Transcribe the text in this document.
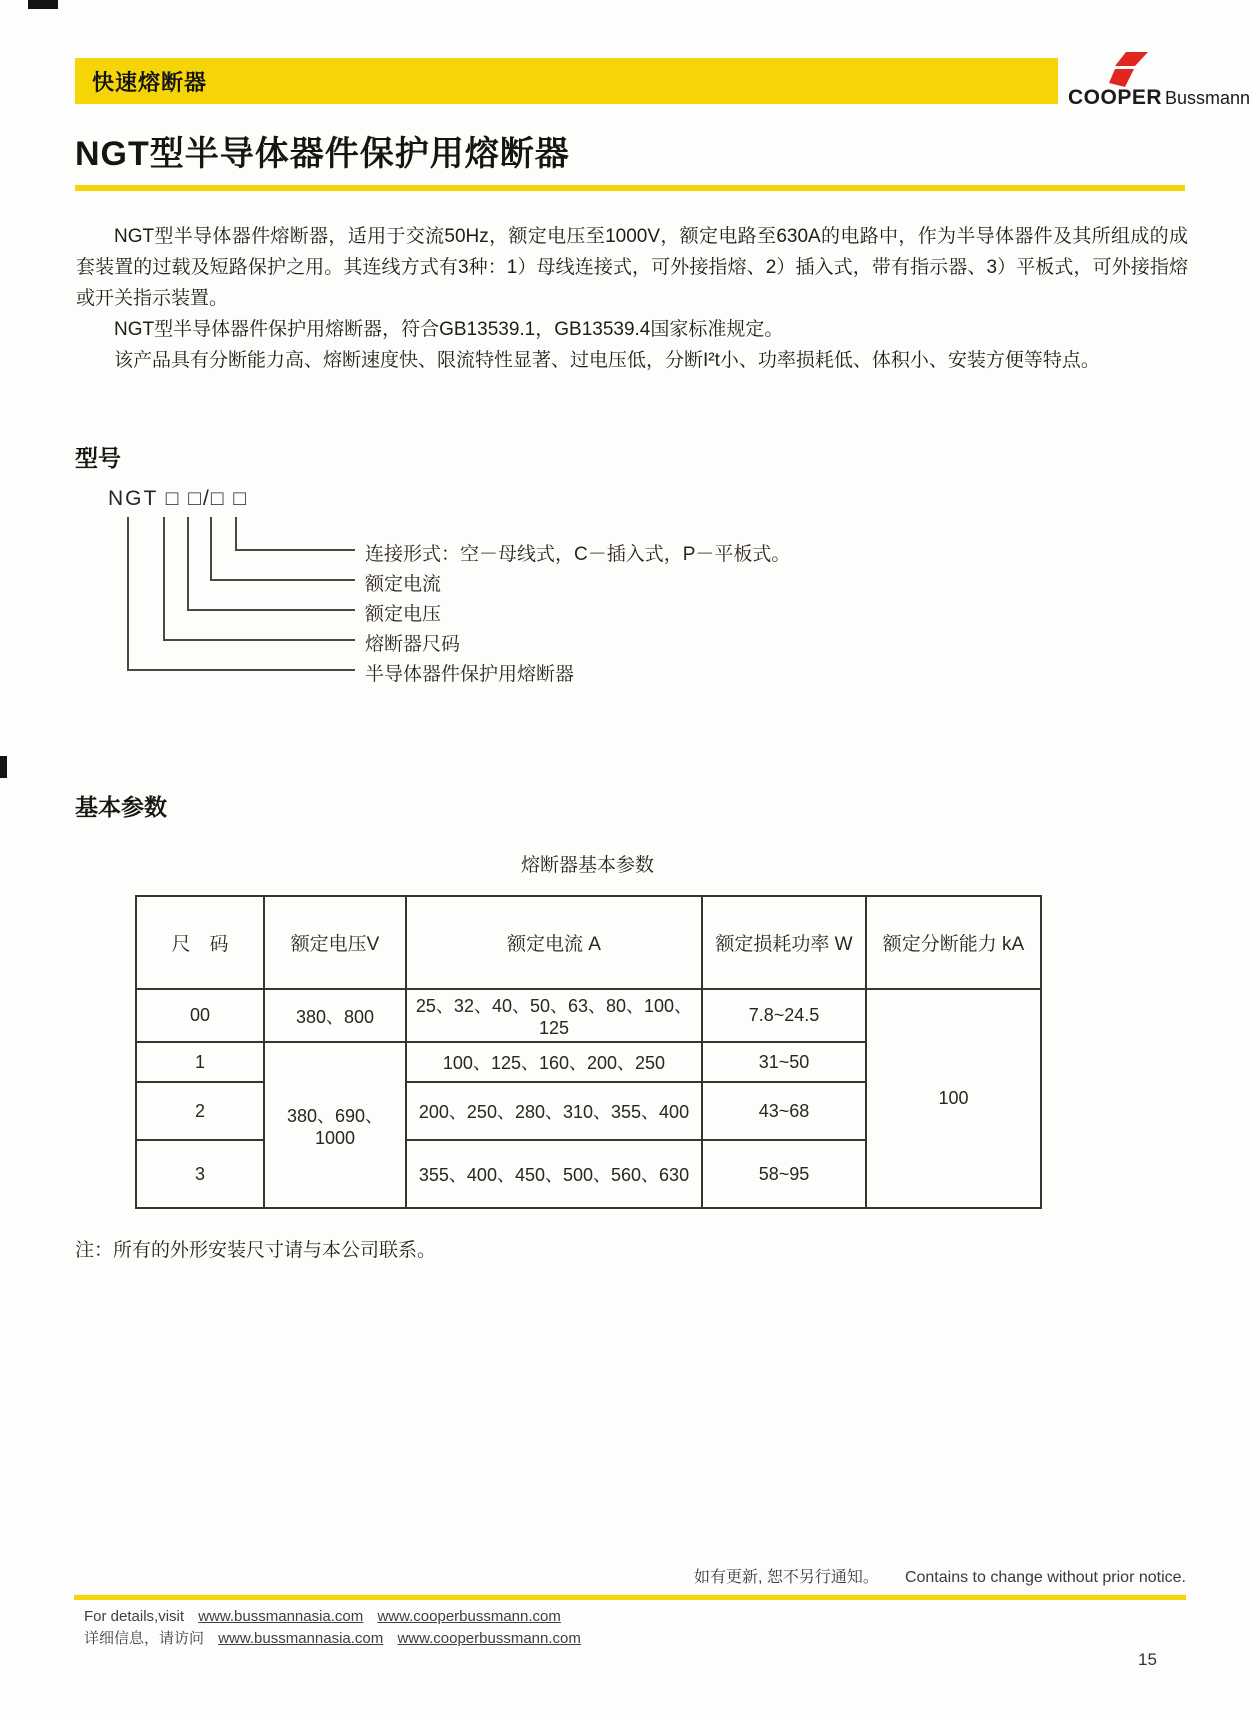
快速熔断器
COOPER Bussmann
NGT型半导体器件保护用熔断器

NGT型半导体器件熔断器，适用于交流50Hz，额定电压至1000V，额定电路至630A的电路中，作为半导体器件及其所组成的成套装置的过载及短路保护之用。其连线方式有3种：1）母线连接式，可外接指熔、2）插入式，带有指示器、3）平板式，可外接指熔或开关指示装置。

NGT型半导体器件保护用熔断器，符合GB13539.1，GB13539.4国家标准规定。

该产品具有分断能力高、熔断速度快、限流特性显著、过电压低，分断I²t小、功率损耗低、体积小、安装方便等特点。

型号
NGT □ □/□ □
连接形式：空－母线式，C－插入式，P－平板式。
额定电流
额定电压
熔断器尺码
半导体器件保护用熔断器
基本参数
熔断器基本参数
尺　码	额定电压V	额定电流 A	额定损耗功率 W	额定分断能力 kA
00	380、800	25、32、40、50、63、80、100、125	7.8~24.5	100
1	380、690、1000	100、125、160、200、250	31~50	
2		200、250、280、310、355、400	43~68	
3		355、400、450、500、560、630	58~95	
注：所有的外形安装尺寸请与本公司联系。
如有更新, 恕不另行通知。 Contains to change without prior notice.
For details,visit www.bussmannasia.com www.cooperbussmann.com
详细信息，请访问 www.bussmannasia.com www.cooperbussmann.com
15
